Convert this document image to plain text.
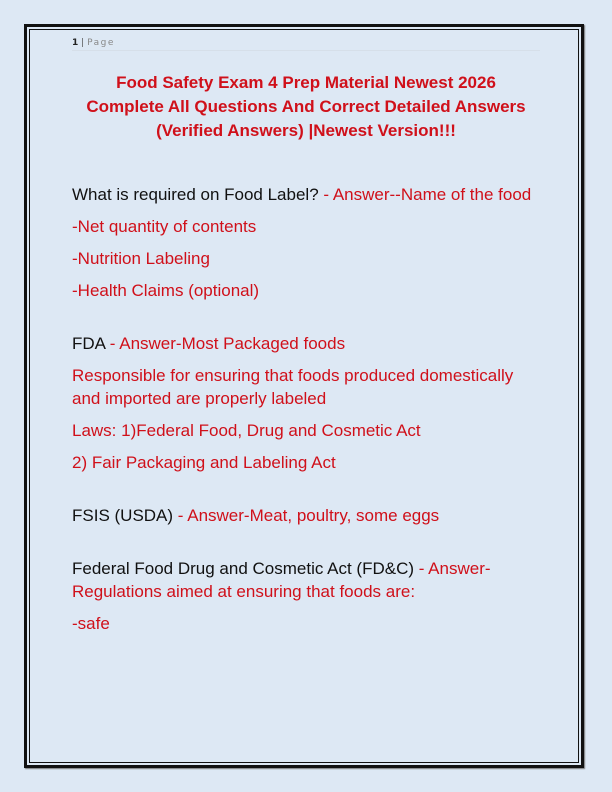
1 | Page
Food Safety Exam 4 Prep Material Newest 2026
Complete All Questions And Correct Detailed Answers
(Verified Answers) |Newest Version!!!

What is required on Food Label? - Answer--Name of the food

-Net quantity of contents

-Nutrition Labeling

-Health Claims (optional)

FDA - Answer-Most Packaged foods

Responsible for ensuring that foods produced domestically and imported are properly labeled

Laws: 1)Federal Food, Drug and Cosmetic Act

2) Fair Packaging and Labeling Act

FSIS (USDA) - Answer-Meat, poultry, some eggs

Federal Food Drug and Cosmetic Act (FD&C) - Answer-Regulations aimed at ensuring that foods are:

-safe
